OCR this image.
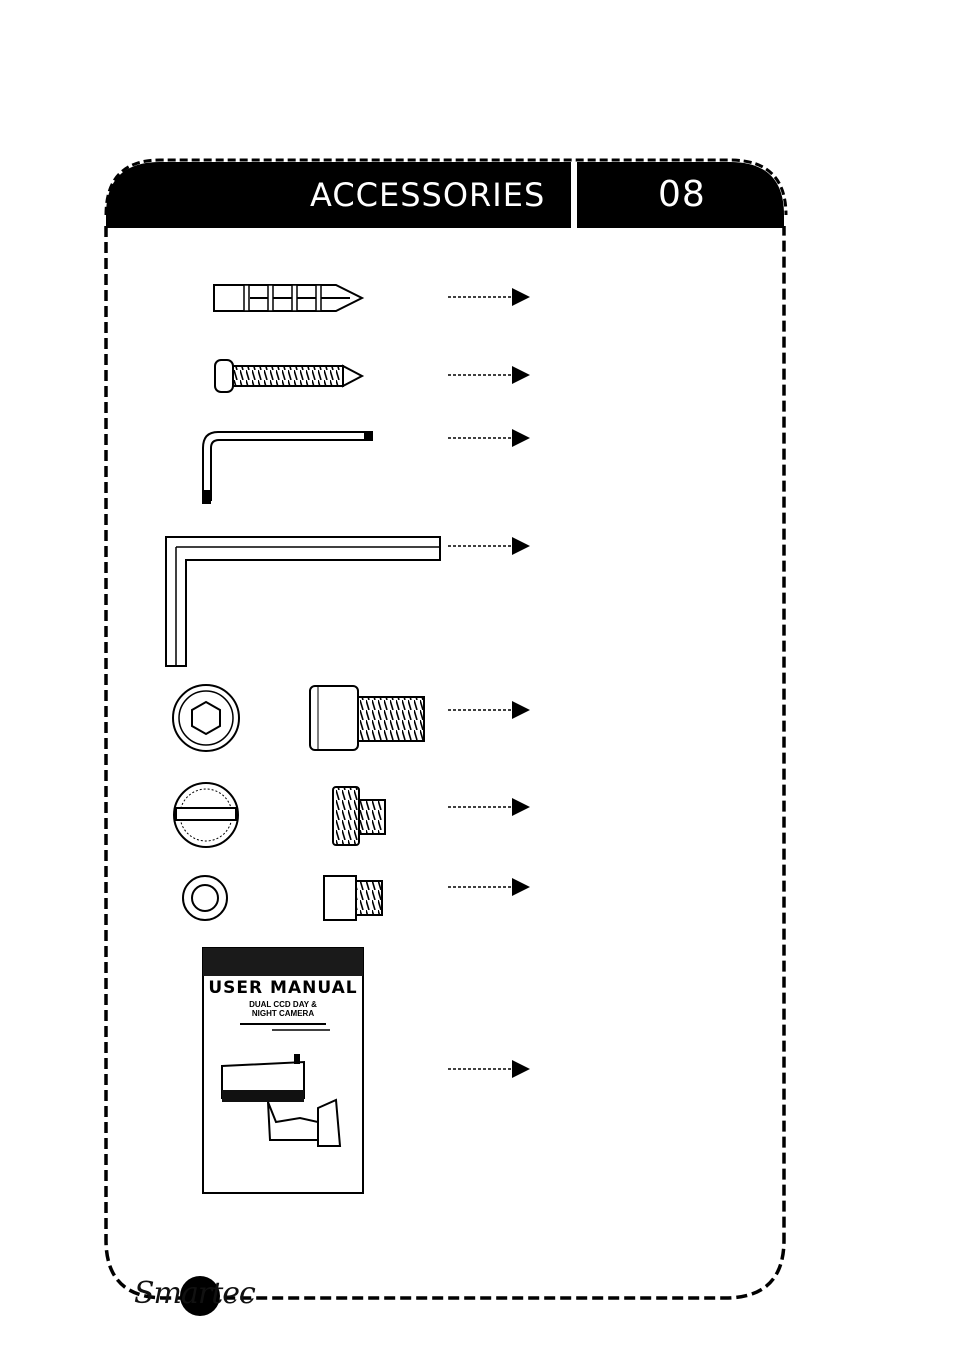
ACCESSORIES	08
USER MANUAL
DUAL CCD DAY &
NIGHT CAMERA
Smartec
